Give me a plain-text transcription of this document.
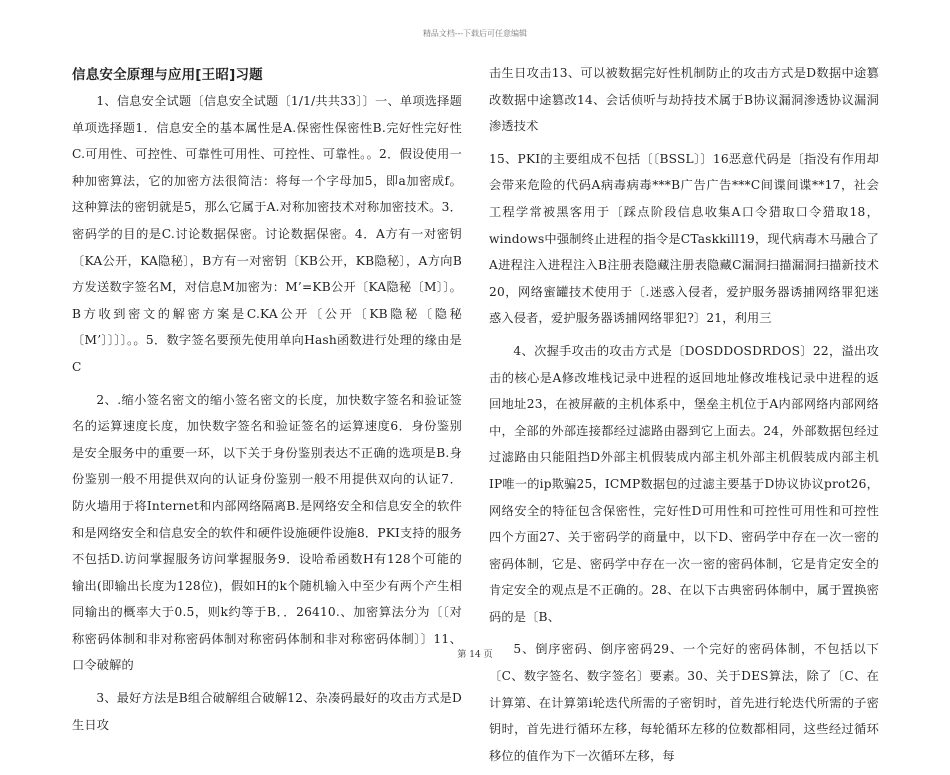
精品文档---下载后可任意编辑
信息安全原理与应用[王昭]习题

1、信息安全试题〔信息安全试题〔1/1/共共33〕〕一、单项选择题单项选择题1．信息安全的基本属性是A.保密性保密性B.完好性完好性C.可用性、可控性、可靠性可用性、可控性、可靠性。。2．假设使用一种加密算法，它的加密方法很简洁：将每一个字母加5，即a加密成f。这种算法的密钥就是5，那么它属于A.对称加密技术对称加密技术。3．密码学的目的是C.讨论数据保密。讨论数据保密。4．A方有一对密钥〔KA公开，KA隐秘〕，B方有一对密钥〔KB公开，KB隐秘〕，A方向B方发送数字签名M，对信息M加密为：M’=KB公开〔KA隐秘〔M〕〕。B方收到密文的解密方案是C.KA公开〔公开〔KB隐秘〔隐秘〔M’〕〕〕〕。。5．数字签名要预先使用单向Hash函数进行处理的缘由是C

2、.缩小签名密文的缩小签名密文的长度，加快数字签名和验证签名的运算速度长度，加快数字签名和验证签名的运算速度6．身份鉴别是安全服务中的重要一环，以下关于身份鉴别表达不正确的选项是B.身份鉴别一般不用提供双向的认证身份鉴别一般不用提供双向的认证7．防火墙用于将Internet和内部网络隔离B.是网络安全和信息安全的软件和是网络安全和信息安全的软件和硬件设施硬件设施8．PKI支持的服务不包括D.访问掌握服务访问掌握服务9．设哈希函数H有128个可能的输出(即输出长度为128位)，假如H的k个随机输入中至少有两个产生相同输出的概率大于0.5，则k约等于B．．26410.、加密算法分为〔〔对称密码体制和非对称密码体制对称密码体制和非对称密码体制〕〕11、口令破解的

3、最好方法是B组合破解组合破解12、杂凑码最好的攻击方式是D生日攻

击生日攻击13、可以被数据完好性机制防止的攻击方式是D数据中途篡改数据中途篡改14、会话侦听与劫持技术属于B协议漏洞渗透协议漏洞渗透技术

15、PKI的主要组成不包括〔〔BSSL〕〕16恶意代码是〔指没有作用却会带来危险的代码A病毒病毒***B广告广告***C间谍间谍**17，社会工程学常被黑客用于〔踩点阶段信息收集A口令猎取口令猎取18，windows中强制终止进程的指令是CTaskkill19，现代病毒木马融合了A进程注入进程注入B注册表隐藏注册表隐藏C漏洞扫描漏洞扫描新技术20，网络蜜罐技术使用于〔.迷惑入侵者，爱护服务器诱捕网络罪犯迷惑入侵者，爱护服务器诱捕网络罪犯?〕21，利用三

4、次握手攻击的攻击方式是〔DOSDDOSDRDOS〕22，溢出攻击的核心是A修改堆栈记录中进程的返回地址修改堆栈记录中进程的返回地址23，在被屏蔽的主机体系中，堡垒主机位于A内部网络内部网络中，全部的外部连接都经过滤路由器到它上面去。24，外部数据包经过过滤路由只能阻挡D外部主机假装成内部主机外部主机假装成内部主机IP唯一的ip欺骗25，ICMP数据包的过滤主要基于D协议协议prot26，网络安全的特征包含保密性，完好性D可用性和可控性可用性和可控性四个方面27、关于密码学的商量中，以下D、密码学中存在一次一密的密码体制，它是、密码学中存在一次一密的密码体制，它是肯定安全的肯定安全的观点是不正确的。28、在以下古典密码体制中，属于置换密码的是〔B、

5、倒序密码、倒序密码29、一个完好的密码体制，不包括以下〔C、数字签名、数字签名〕要素。30、关于DES算法，除了〔C、在计算第、在计算第i轮迭代所需的子密钥时，首先进行轮迭代所需的子密钥时，首先进行循环左移，每轮循环左移的位数都相同，这些经过循环移位的值作为下一次循环左移，每

第 14 页
